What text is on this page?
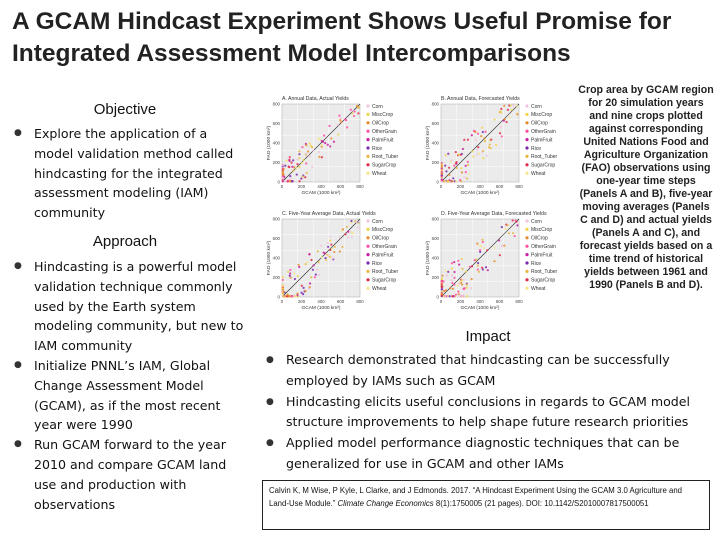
A GCAM Hindcast Experiment Shows Useful Promise for Integrated Assessment Model Intercomparisons
Objective
● Explore the application of a model validation method called hindcasting for the integrated assessment modeling (IAM) community
Approach
● Hindcasting is a powerful model validation technique commonly used by the Earth system modeling community, but new to IAM community
● Initialize PNNL’s IAM, Global Change Assessment Model (GCAM), as if the most recent year were 1990
● Run GCAM forward to the year 2010 and compare GCAM land use and production with observations
A. Annual Data, Actual Yields
0
0
200
200
400
400
600
600
800
800
GCAM (1000 km²)
FAO (1000 km²)
Corn
MiscCrop
OilCrop
OtherGrain
PalmFruit
Rice
Root_Tuber
SugarCrop
Wheat
B. Annual Data, Forecasted Yields
0
0
200
200
400
400
600
600
800
800
GCAM (1000 km²)
FAO (1000 km²)
Corn
MiscCrop
OilCrop
OtherGrain
PalmFruit
Rice
Root_Tuber
SugarCrop
Wheat
C. Five-Year Average Data, Actual Yields
0
0
200
200
400
400
600
600
800
800
GCAM (1000 km²)
FAO (1000 km²)
Corn
MiscCrop
OilCrop
OtherGrain
PalmFruit
Rice
Root_Tuber
SugarCrop
Wheat
D. Five-Year Average Data, Forecasted Yields
0
0
200
200
400
400
600
600
800
800
GCAM (1000 km²)
FAO (1000 km²)
Corn
MiscCrop
OilCrop
OtherGrain
PalmFruit
Rice
Root_Tuber
SugarCrop
Wheat
Crop area by GCAM region for 20 simulation years and nine crops plotted against corresponding United Nations Food and Agriculture Organization (FAO) observations using one-year time steps (Panels A and B), five-year moving averages (Panels C and D) and actual yields (Panels A and C), and forecast yields based on a time trend of historical yields between 1961 and 1990 (Panels B and D).
Impact
● Research demonstrated that hindcasting can be successfully employed by IAMs such as GCAM
● Hindcasting elicits useful conclusions in regards to GCAM model structure improvements to help shape future research priorities
● Applied model performance diagnostic techniques that can be generalized for use in GCAM and other IAMs
Calvin K, M Wise, P Kyle, L Clarke, and J Edmonds. 2017. “A Hindcast Experiment Using the GCAM 3.0 Agriculture and Land-Use Module.” Climate Change Economics 8(1):1750005 (21 pages). DOI: 10.1142/S2010007817500051
